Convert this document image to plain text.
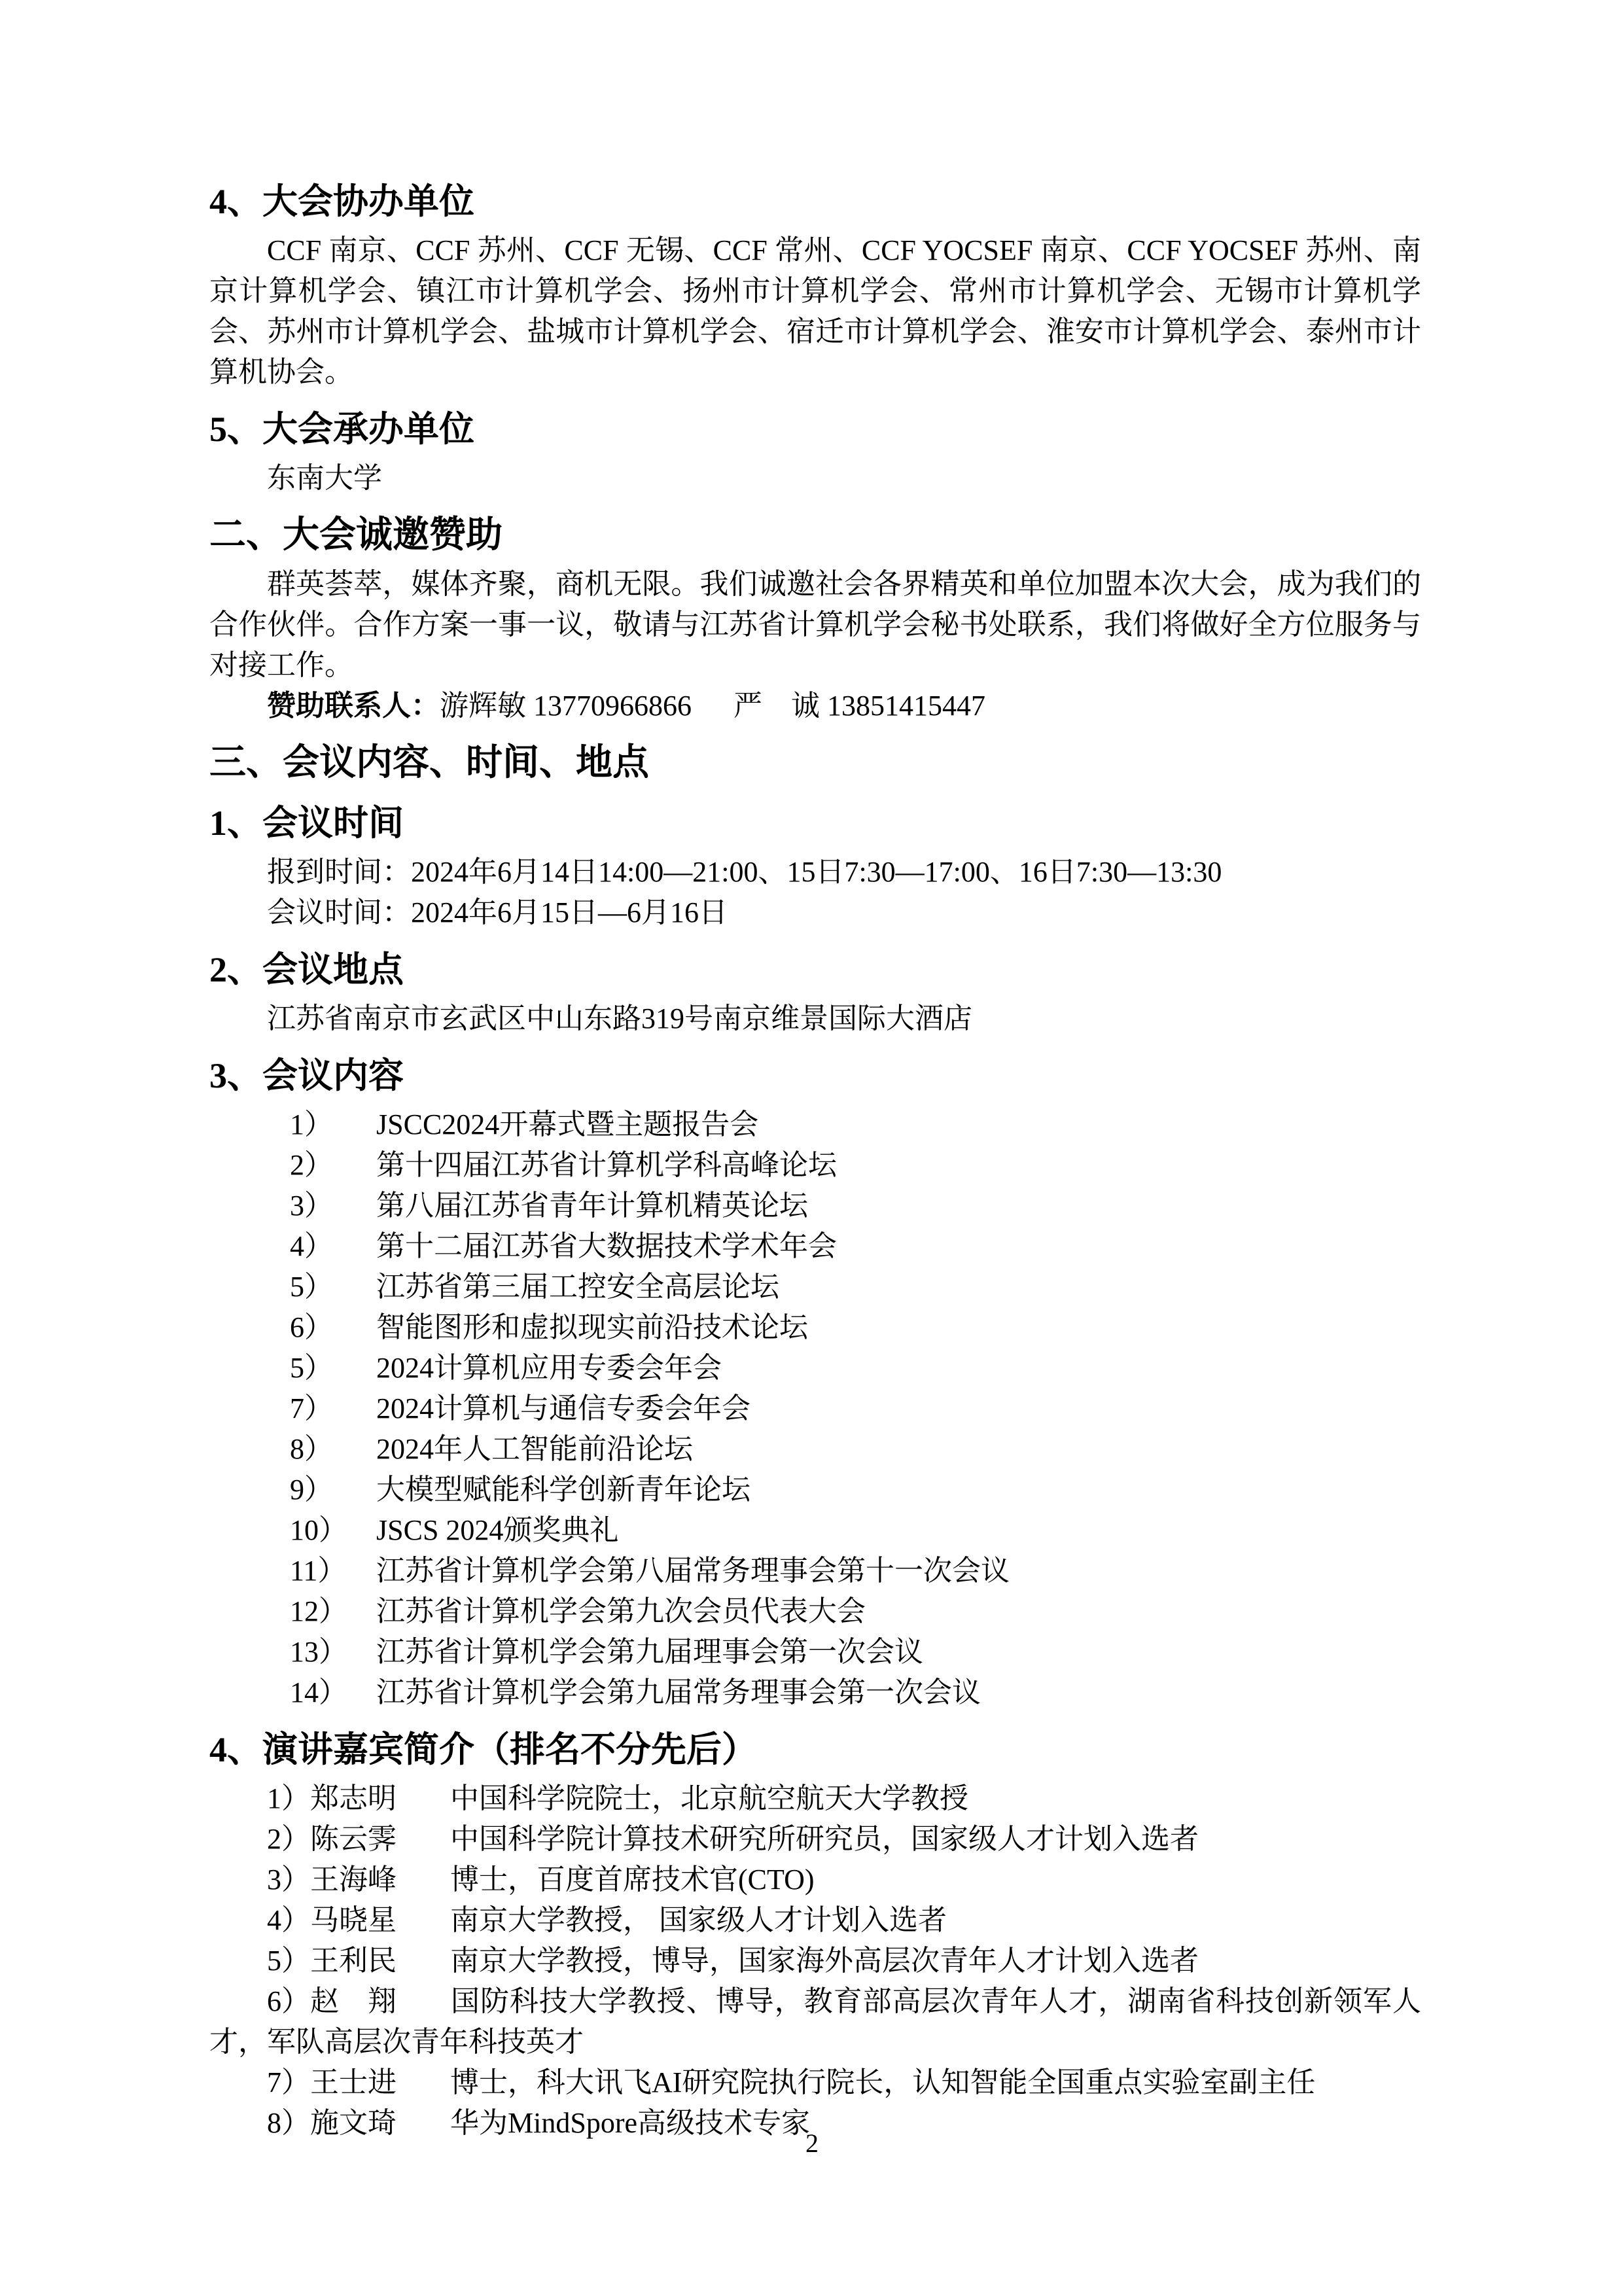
4、大会协办单位
CCF 南京、CCF 苏州、CCF 无锡、CCF 常州、CCF YOCSEF 南京、CCF YOCSEF 苏州、南京计算机学会、镇江市计算机学会、扬州市计算机学会、常州市计算机学会、无锡市计算机学会、苏州市计算机学会、盐城市计算机学会、宿迁市计算机学会、淮安市计算机学会、泰州市计算机协会。
5、大会承办单位
东南大学
二、大会诚邀赞助
群英荟萃，媒体齐聚，商机无限。我们诚邀社会各界精英和单位加盟本次大会，成为我们的合作伙伴。合作方案一事一议，敬请与江苏省计算机学会秘书处联系，我们将做好全方位服务与对接工作。
赞助联系人：游辉敏 13770966866 严　诚 13851415447
三、会议内容、时间、地点
1、会议时间
报到时间：2024年6月14日14:00—21:00、15日7:30—17:00、16日7:30—13:30
会议时间：2024年6月15日—6月16日
2、会议地点
江苏省南京市玄武区中山东路319号南京维景国际大酒店
3、会议内容
1） JSCC2024开幕式暨主题报告会
2） 第十四届江苏省计算机学科高峰论坛
3） 第八届江苏省青年计算机精英论坛
4） 第十二届江苏省大数据技术学术年会
5） 江苏省第三届工控安全高层论坛
6） 智能图形和虚拟现实前沿技术论坛
5） 2024计算机应用专委会年会
7） 2024计算机与通信专委会年会
8） 2024年人工智能前沿论坛
9） 大模型赋能科学创新青年论坛
10） JSCS 2024颁奖典礼
11） 江苏省计算机学会第八届常务理事会第十一次会议
12） 江苏省计算机学会第九次会员代表大会
13） 江苏省计算机学会第九届理事会第一次会议
14） 江苏省计算机学会第九届常务理事会第一次会议
4、演讲嘉宾简介（排名不分先后）
1）郑志明 中国科学院院士，北京航空航天大学教授
2）陈云霁 中国科学院计算技术研究所研究员，国家级人才计划入选者
3）王海峰 博士，百度首席技术官(CTO)
4）马晓星 南京大学教授， 国家级人才计划入选者
5）王利民 南京大学教授，博导，国家海外高层次青年人才计划入选者
6）赵　翔 国防科技大学教授、博导，教育部高层次青年人才，湖南省科技创新领军人才，军队高层次青年科技英才
7）王士进 博士，科大讯飞AI研究院执行院长，认知智能全国重点实验室副主任
8）施文琦 华为MindSpore高级技术专家
2
